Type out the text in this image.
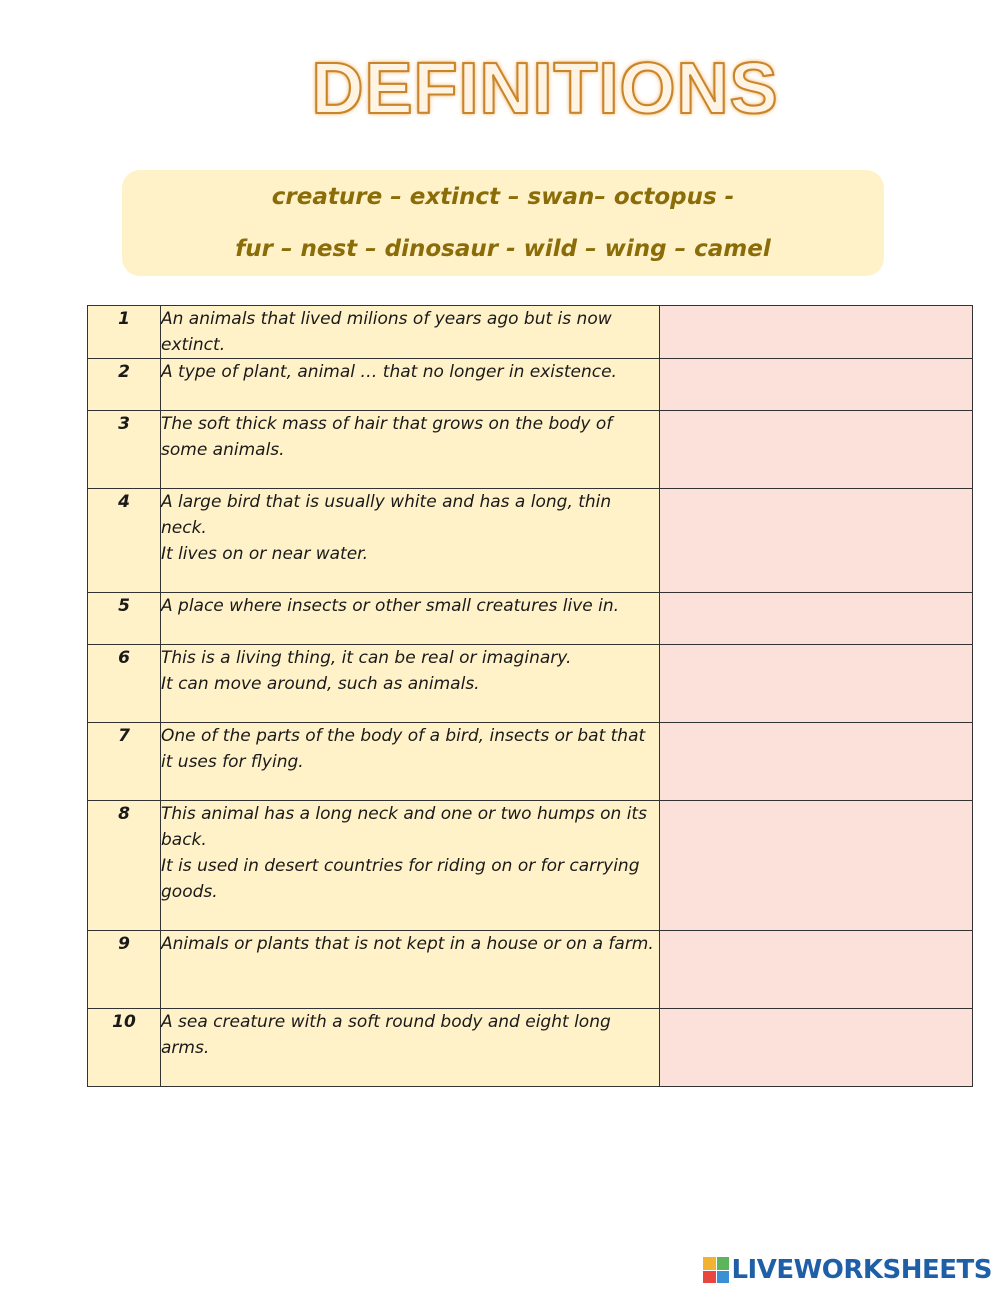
DEFINITIONS
creature – extinct – swan– octopus -
fur – nest – dinosaur - wild – wing – camel
1	An animals that lived milions of years ago but is now extinct.	

2	A type of plant, animal … that no longer in existence.	

3	The soft thick mass of hair that grows on the body of some animals.	

4	A large bird that is usually white and has a long, thin neck.
It lives on or near water.	

5	A place where insects or other small creatures live in.	

6	This is a living thing, it can be real or imaginary.
It can move around, such as animals.	

7	One of the parts of the body of a bird, insects or bat that it uses for flying.	

8	This animal has a long neck and one or two humps on its back.
It is used in desert countries for riding on or for carrying goods.	

9	Animals or plants that is not kept in a house or on a farm.	

10	A sea creature with a soft round body and eight long arms.	

LIVEWORKSHEETS
